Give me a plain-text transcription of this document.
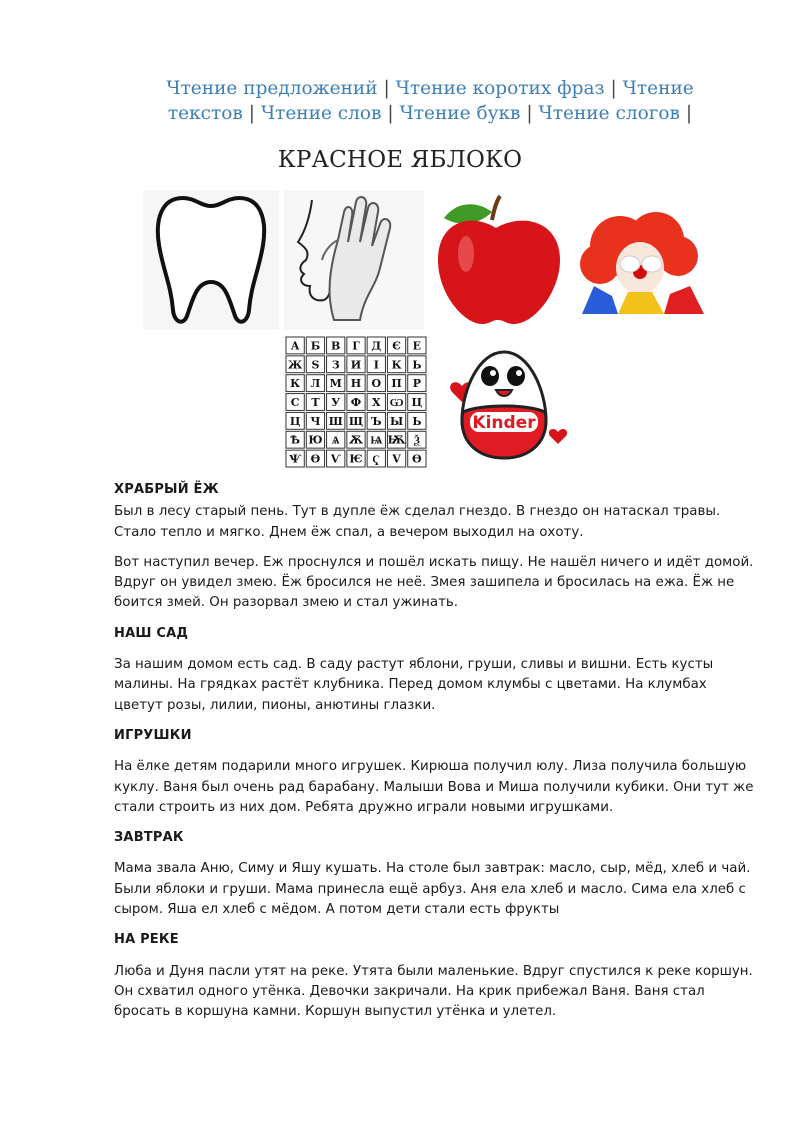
Чтение предложений | Чтение коротих фраз | Чтение текстов | Чтение слов | Чтение букв | Чтение слогов |
КРАСНОЕ ЯБЛОКО
А Б В Г Д Є Е
Ж Ѕ З И І К Ь
К Л М Н О П Р
С Т У Ф Х Ѡ Ц
Ц Ч Ш Щ Ъ Ы Ь
Ѣ Ю Ѧ Ѫ Ѩ Ѭ Ѯ
Ѱ Ѳ Ѵ Ѥ Ҁ V Ѳ
Kinder
ХРАБРЫЙ ЁЖ
Был в лесу старый пень. Тут в дупле ёж сделал гнездо. В гнездо он натаскал травы. Стало тепло и мягко. Днем ёж спал, а вечером выходил на охоту.
Вот наступил вечер. Еж проснулся и пошёл искать пищу. Не нашёл ничего и идёт домой. Вдруг он увидел змею. Ёж бросился не неё. Змея зашипела и бросилась на ежа. Ёж не боится змей. Он разорвал змею и стал ужинать.
НАШ САД
За нашим домом есть сад. В саду растут яблони, груши, сливы и вишни. Есть кусты малины. На грядках растёт клубника. Перед домом клумбы с цветами. На клумбах цветут розы, лилии, пионы, анютины глазки.
ИГРУШКИ
На ёлке детям подарили много игрушек. Кирюша получил юлу. Лиза получила большую куклу. Ваня был очень рад барабану. Малыши Вова и Миша получили кубики. Они тут же стали строить из них дом. Ребята дружно играли новыми игрушками.
ЗАВТРАК
Мама звала Аню, Симу и Яшу кушать. На столе был завтрак: масло, сыр, мёд, хлеб и чай. Были яблоки и груши. Мама принесла ещё арбуз. Аня ела хлеб и масло. Сима ела хлеб с сыром. Яша ел хлеб с мёдом. А потом дети стали есть фрукты
НА РЕКЕ
Люба и Дуня пасли утят на реке. Утята были маленькие. Вдруг спустился к реке коршун. Он схватил одного утёнка. Девочки закричали. На крик прибежал Ваня. Ваня стал бросать в коршуна камни. Коршун выпустил утёнка и улетел.
